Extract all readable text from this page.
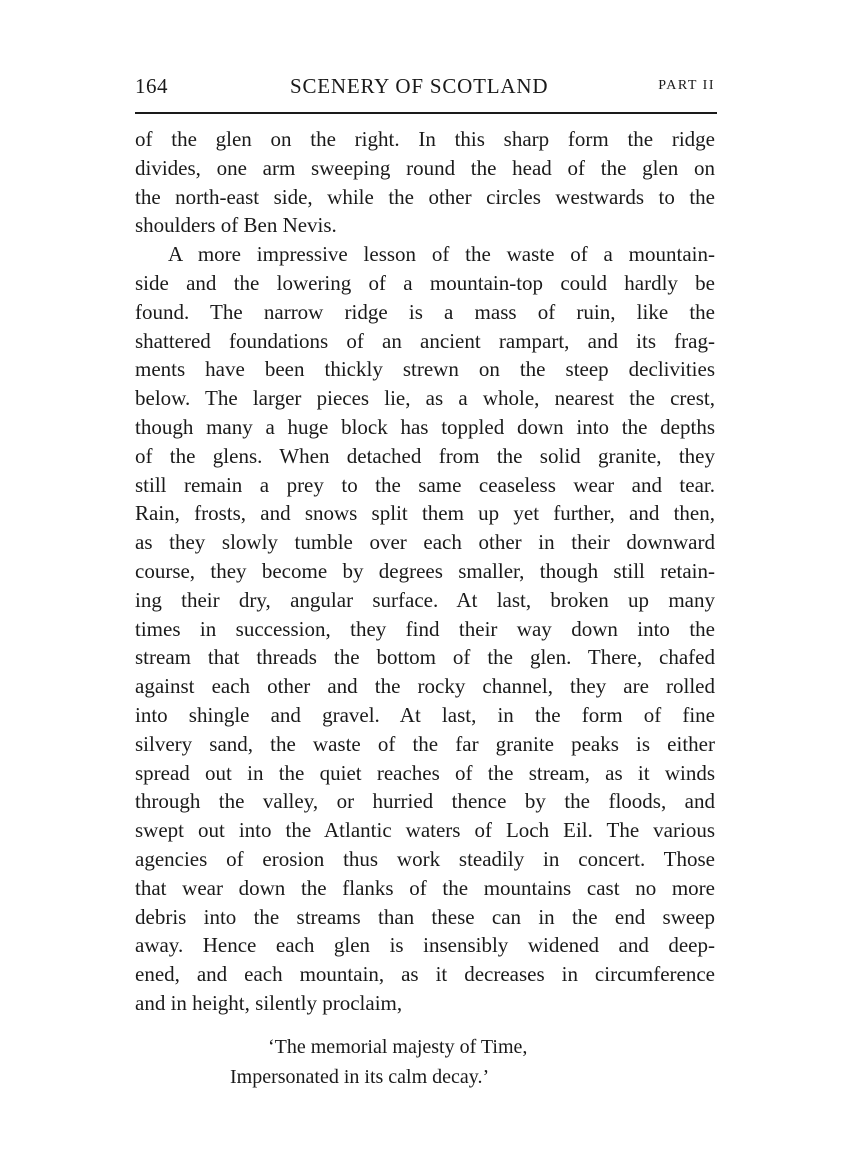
164	SCENERY OF SCOTLAND	PART II
of the glen on the right. In this sharp form the ridge
divides, one arm sweeping round the head of the glen on
the north-east side, while the other circles westwards to the
shoulders of Ben Nevis.
A more impressive lesson of the waste of a mountain-
side and the lowering of a mountain-top could hardly be
found. The narrow ridge is a mass of ruin, like the
shattered foundations of an ancient rampart, and its frag-
ments have been thickly strewn on the steep declivities
below. The larger pieces lie, as a whole, nearest the crest,
though many a huge block has toppled down into the depths
of the glens. When detached from the solid granite, they
still remain a prey to the same ceaseless wear and tear.
Rain, frosts, and snows split them up yet further, and then,
as they slowly tumble over each other in their downward
course, they become by degrees smaller, though still retain-
ing their dry, angular surface. At last, broken up many
times in succession, they find their way down into the
stream that threads the bottom of the glen. There, chafed
against each other and the rocky channel, they are rolled
into shingle and gravel. At last, in the form of fine
silvery sand, the waste of the far granite peaks is either
spread out in the quiet reaches of the stream, as it winds
through the valley, or hurried thence by the floods, and
swept out into the Atlantic waters of Loch Eil. The various
agencies of erosion thus work steadily in concert. Those
that wear down the flanks of the mountains cast no more
debris into the streams than these can in the end sweep
away. Hence each glen is insensibly widened and deep-
ened, and each mountain, as it decreases in circumference
and in height, silently proclaim,
‘The memorial majesty of Time,
Impersonated in its calm decay.’
